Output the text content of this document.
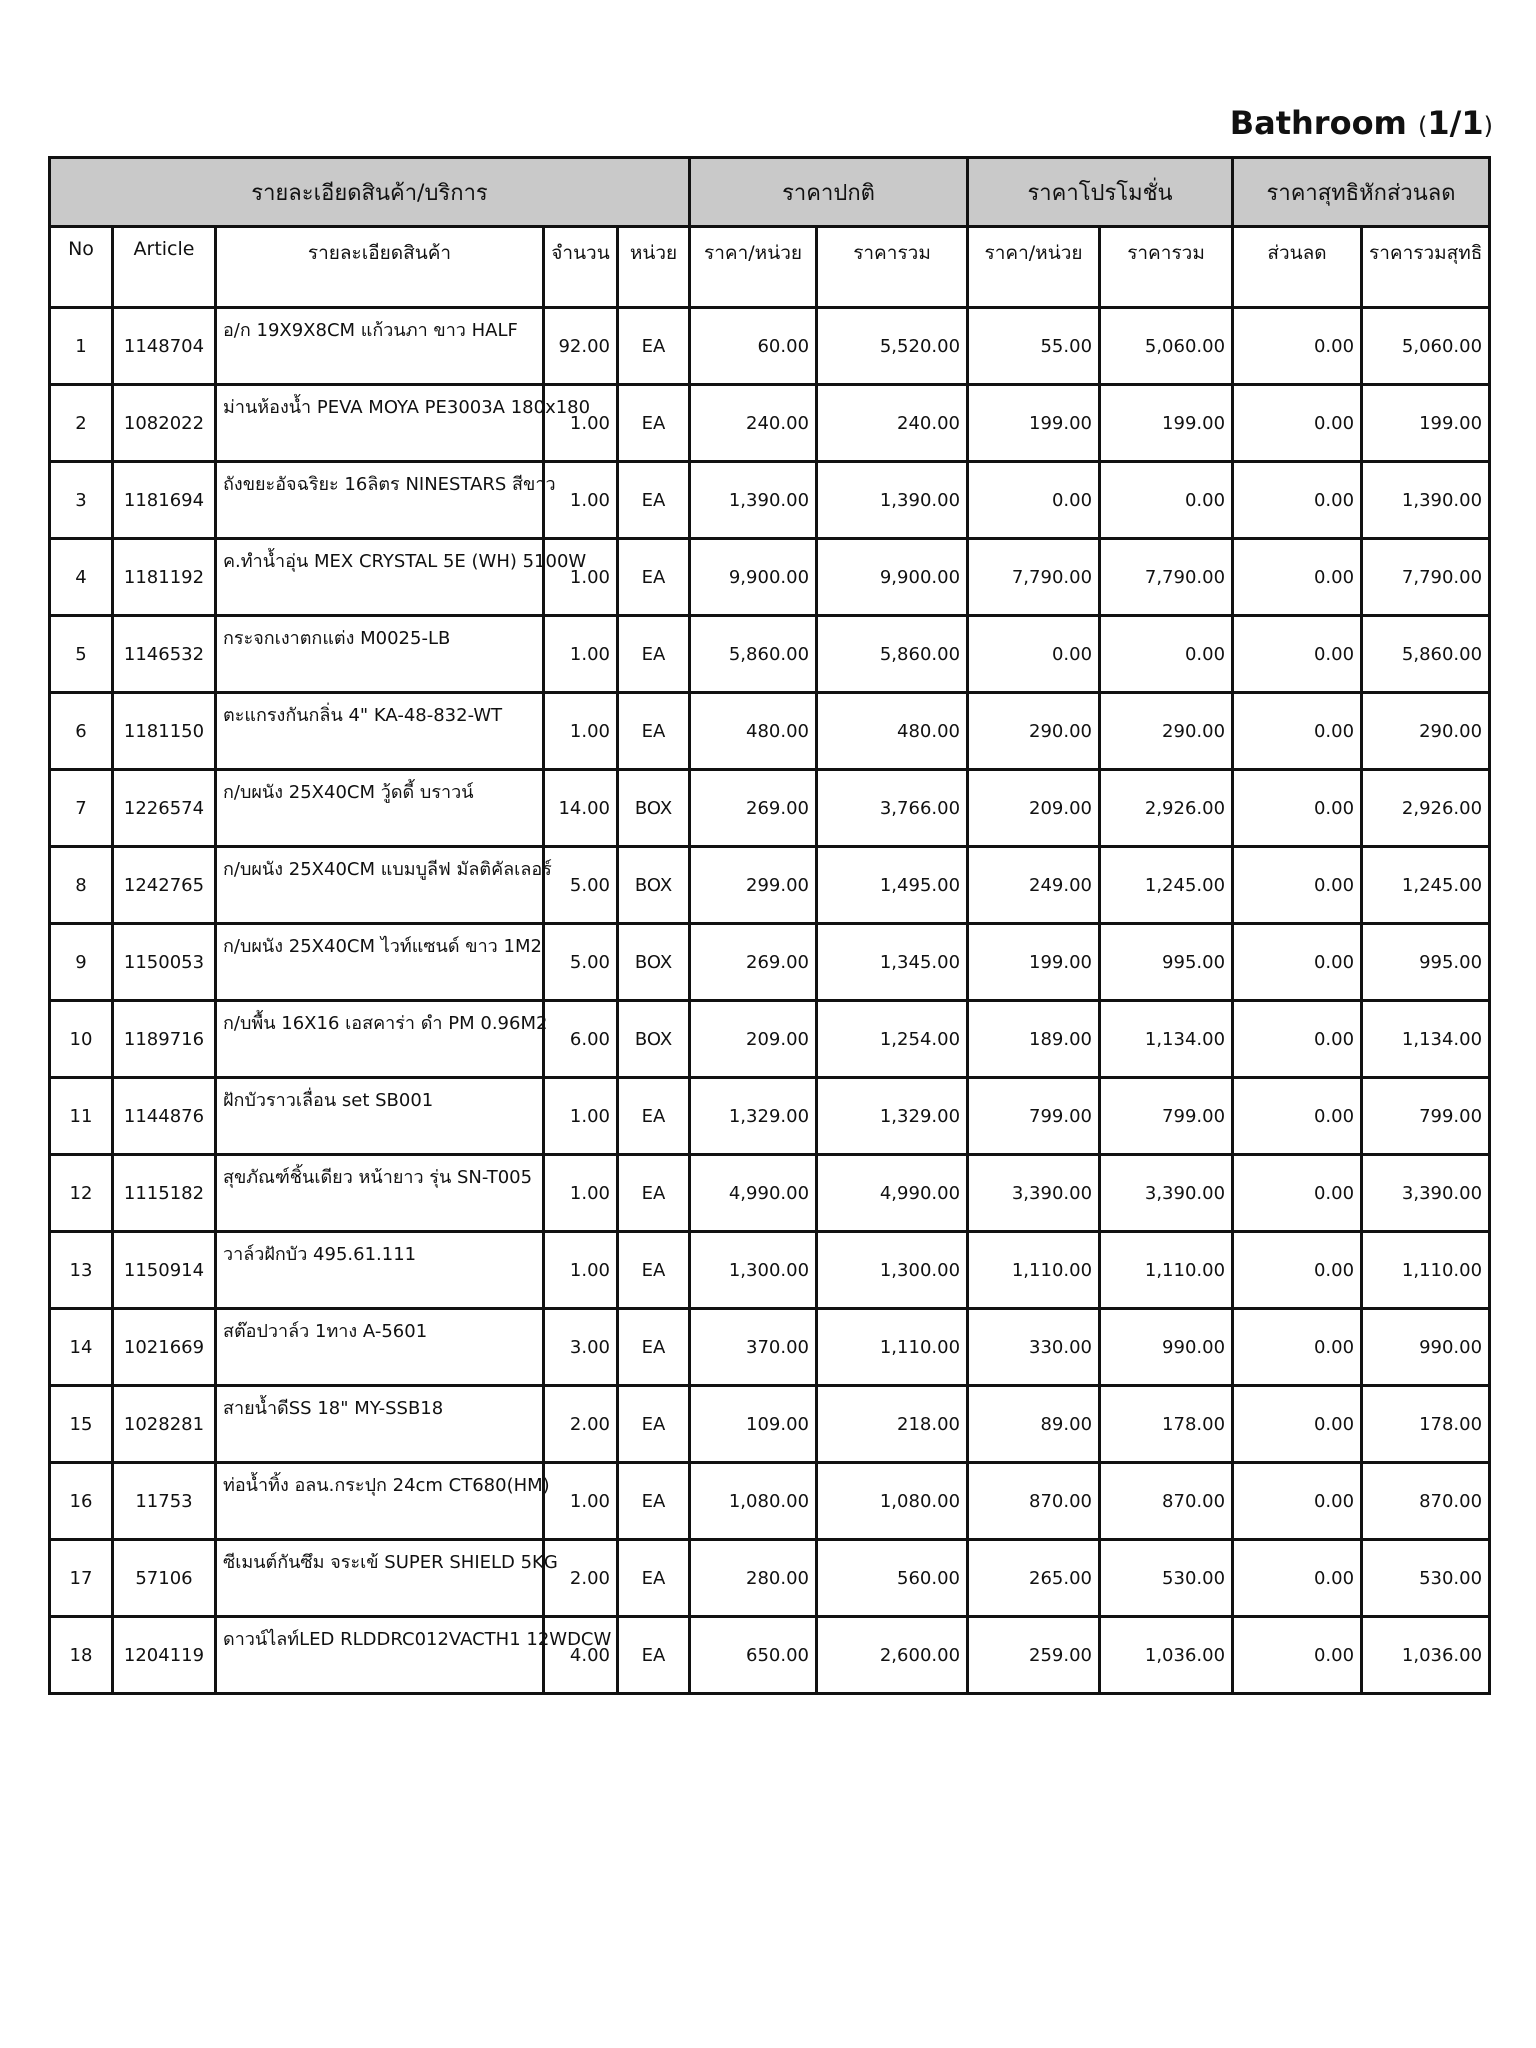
Bathroom (1/1)
รายละเอียดสินค้า/บริการ					ราคาปกติ		ราคาโปรโมชั่น		ราคาสุทธิหักส่วนลด	
No	Article	รายละเอียดสินค้า	จำนวน	หน่วย	ราคา/หน่วย	ราคารวม	ราคา/หน่วย	ราคารวม	ส่วนลด	ราคารวมสุทธิ
1	1148704	อ/ก 19X9X8CM แก้วนภา ขาว HALF	92.00	EA	60.00	5,520.00	55.00	5,060.00	0.00	5,060.00
2	1082022	ม่านห้องน้ำ PEVA MOYA PE3003A 180x180	1.00	EA	240.00	240.00	199.00	199.00	0.00	199.00
3	1181694	ถังขยะอัจฉริยะ 16ลิตร NINESTARS สีขาว	1.00	EA	1,390.00	1,390.00	0.00	0.00	0.00	1,390.00
4	1181192	ค.ทำน้ำอุ่น MEX CRYSTAL 5E (WH) 5100W	1.00	EA	9,900.00	9,900.00	7,790.00	7,790.00	0.00	7,790.00
5	1146532	กระจกเงาตกแต่ง M0025-LB	1.00	EA	5,860.00	5,860.00	0.00	0.00	0.00	5,860.00
6	1181150	ตะแกรงกันกลิ่น 4" KA-48-832-WT	1.00	EA	480.00	480.00	290.00	290.00	0.00	290.00
7	1226574	ก/บผนัง 25X40CM วู้ดดี้ บราวน์	14.00	BOX	269.00	3,766.00	209.00	2,926.00	0.00	2,926.00
8	1242765	ก/บผนัง 25X40CM แบมบูลีฟ มัลติคัลเลอร์	5.00	BOX	299.00	1,495.00	249.00	1,245.00	0.00	1,245.00
9	1150053	ก/บผนัง 25X40CM ไวท์แซนด์ ขาว 1M2	5.00	BOX	269.00	1,345.00	199.00	995.00	0.00	995.00
10	1189716	ก/บพื้น 16X16 เอสคาร่า ดำ PM 0.96M2	6.00	BOX	209.00	1,254.00	189.00	1,134.00	0.00	1,134.00
11	1144876	ฝักบัวราวเลื่อน set SB001	1.00	EA	1,329.00	1,329.00	799.00	799.00	0.00	799.00
12	1115182	สุขภัณฑ์ชิ้นเดียว หน้ายาว รุ่น SN-T005	1.00	EA	4,990.00	4,990.00	3,390.00	3,390.00	0.00	3,390.00
13	1150914	วาล์วฝักบัว 495.61.111	1.00	EA	1,300.00	1,300.00	1,110.00	1,110.00	0.00	1,110.00
14	1021669	สต๊อปวาล์ว 1ทาง A-5601	3.00	EA	370.00	1,110.00	330.00	990.00	0.00	990.00
15	1028281	สายน้ำดีSS 18" MY-SSB18	2.00	EA	109.00	218.00	89.00	178.00	0.00	178.00
16	11753	ท่อน้ำทิ้ง อลน.กระปุก 24cm CT680(HM)	1.00	EA	1,080.00	1,080.00	870.00	870.00	0.00	870.00
17	57106	ซีเมนต์กันซึม จระเข้ SUPER SHIELD 5KG	2.00	EA	280.00	560.00	265.00	530.00	0.00	530.00
18	1204119	ดาวน์ไลท์LED RLDDRC012VACTH1 12WDCW	4.00	EA	650.00	2,600.00	259.00	1,036.00	0.00	1,036.00
